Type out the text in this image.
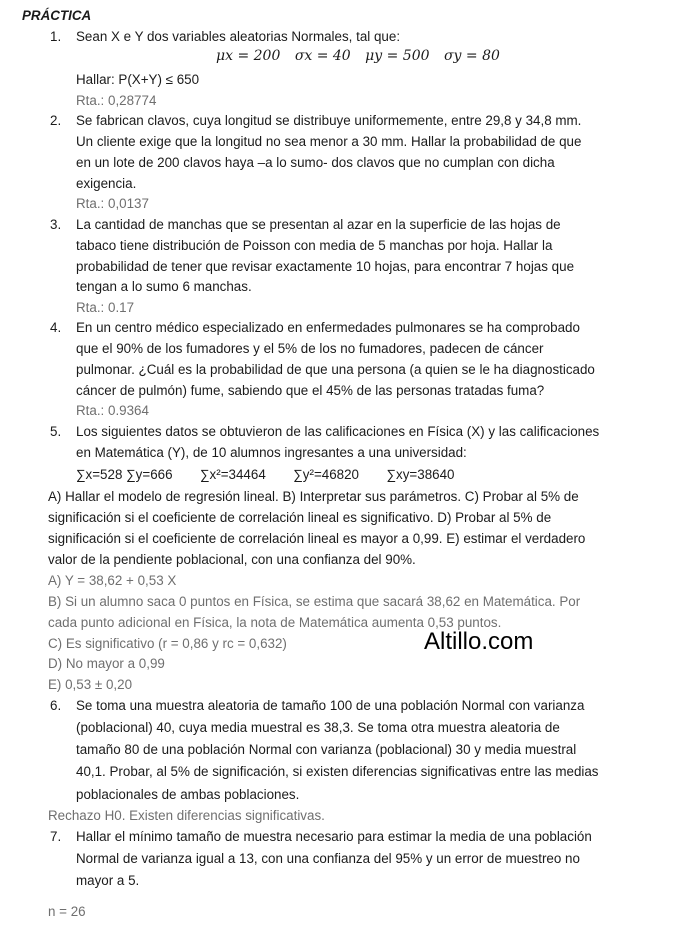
PRÁCTICA
1. Sean X e Y dos variables aleatorias Normales, tal que:
μx = 200 σx = 40 μy = 500 σy = 80
Hallar: P(X+Y) ≤ 650
Rta.: 0,28774
2. Se fabrican clavos, cuya longitud se distribuye uniformemente, entre 29,8 y 34,8 mm.
Un cliente exige que la longitud no sea menor a 30 mm. Hallar la probabilidad de que
en un lote de 200 clavos haya –a lo sumo- dos clavos que no cumplan con dicha
exigencia.
Rta.: 0,0137
3. La cantidad de manchas que se presentan al azar en la superficie de las hojas de
tabaco tiene distribución de Poisson con media de 5 manchas por hoja. Hallar la
probabilidad de tener que revisar exactamente 10 hojas, para encontrar 7 hojas que
tengan a lo sumo 6 manchas.
Rta.: 0.17
4. En un centro médico especializado en enfermedades pulmonares se ha comprobado
que el 90% de los fumadores y el 5% de los no fumadores, padecen de cáncer
pulmonar. ¿Cuál es la probabilidad de que una persona (a quien se le ha diagnosticado
cáncer de pulmón) fume, sabiendo que el 45% de las personas tratadas fuma?
Rta.: 0.9364
5. Los siguientes datos se obtuvieron de las calificaciones en Física (X) y las calificaciones
en Matemática (Y), de 10 alumnos ingresantes a una universidad:
∑x=528 ∑y=666 ∑x²=34464 ∑y²=46820 ∑xy=38640
A) Hallar el modelo de regresión lineal. B) Interpretar sus parámetros. C) Probar al 5% de
significación si el coeficiente de correlación lineal es significativo. D) Probar al 5% de
significación si el coeficiente de correlación lineal es mayor a 0,99. E) estimar el verdadero
valor de la pendiente poblacional, con una confianza del 90%.
A) Y = 38,62 + 0,53 X
B) Si un alumno saca 0 puntos en Física, se estima que sacará 38,62 en Matemática. Por
cada punto adicional en Física, la nota de Matemática aumenta 0,53 puntos.
C) Es significativo (r = 0,86 y rc = 0,632)
D) No mayor a 0,99
E) 0,53 ± 0,20
Altillo.com
6. Se toma una muestra aleatoria de tamaño 100 de una población Normal con varianza
(poblacional) 40, cuya media muestral es 38,3. Se toma otra muestra aleatoria de
tamaño 80 de una población Normal con varianza (poblacional) 30 y media muestral
40,1. Probar, al 5% de significación, si existen diferencias significativas entre las medias
poblacionales de ambas poblaciones.
Rechazo H0. Existen diferencias significativas.
7. Hallar el mínimo tamaño de muestra necesario para estimar la media de una población
Normal de varianza igual a 13, con una confianza del 95% y un error de muestreo no
mayor a 5.
n = 26
